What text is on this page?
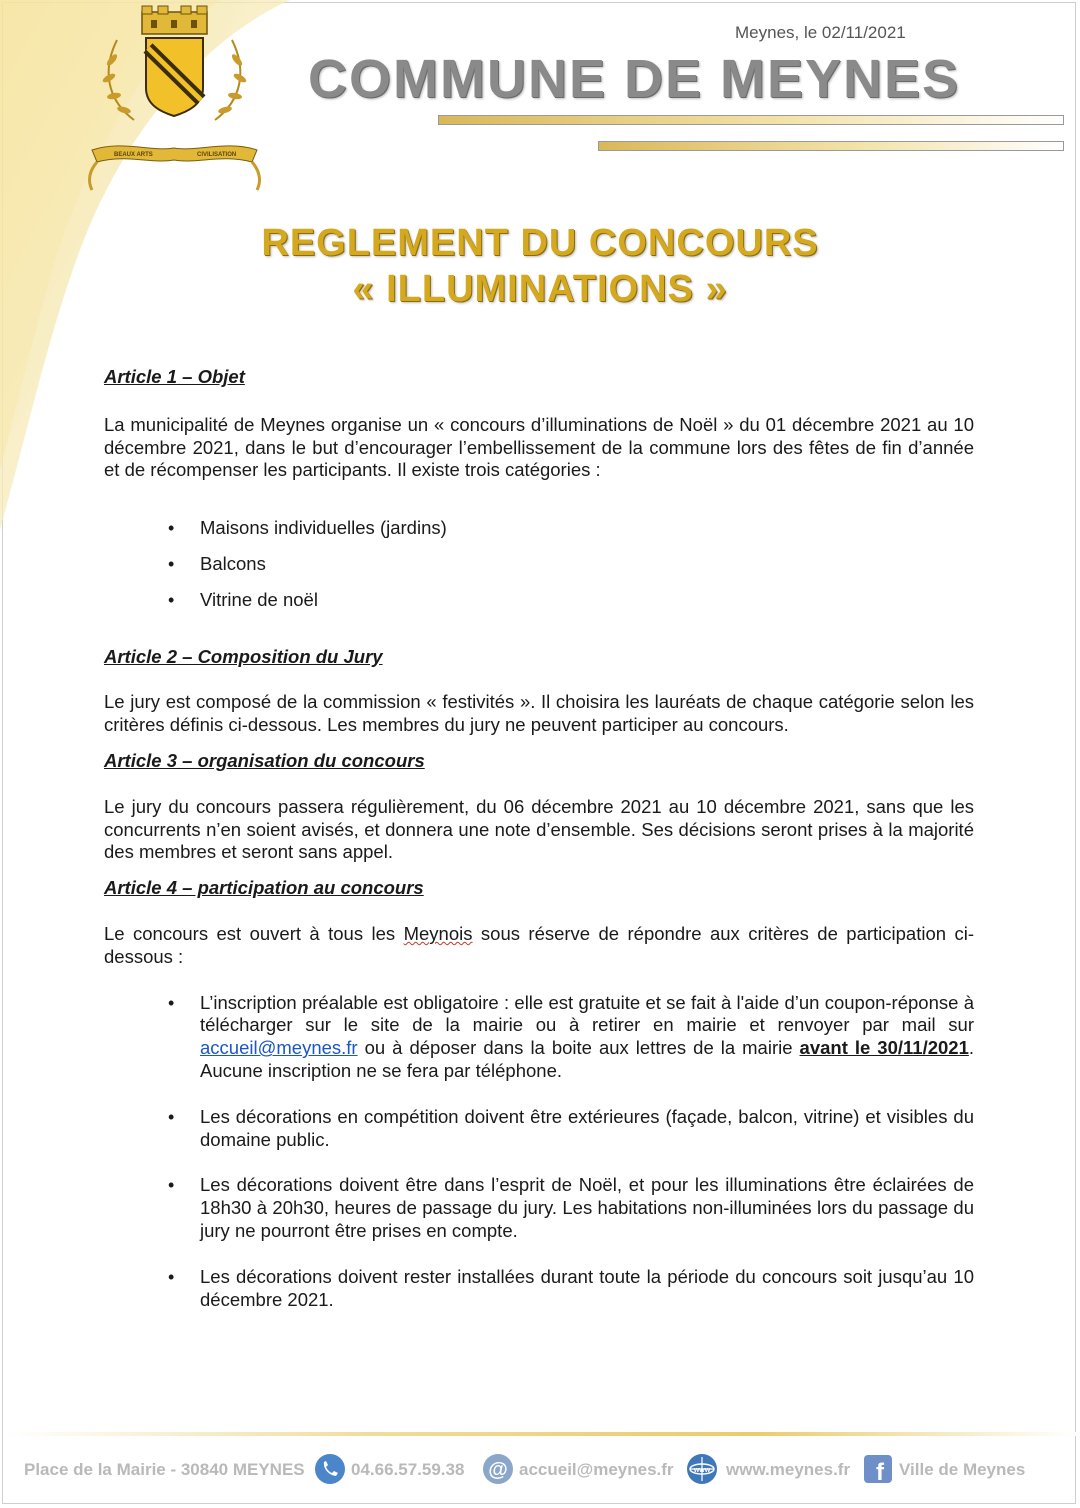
BEAUX ARTS	CIVILISATION
Meynes, le 02/11/2021
COMMUNE DE MEYNES
REGLEMENT DU CONCOURS
« ILLUMINATIONS »
Article 1 – Objet

La municipalité de Meynes organise un « concours d’illuminations de Noël » du 01 décembre 2021 au 10 décembre 2021, dans le but d’encourager l’embellissement de la commune lors des fêtes de fin d’année et de récompenser les participants. Il existe trois catégories :

• Maisons individuelles (jardins)
• Balcons
• Vitrine de noël
Article 2 – Composition du Jury

Le jury est composé de la commission « festivités ». Il choisira les lauréats de chaque catégorie selon les critères définis ci-dessous. Les membres du jury ne peuvent participer au concours.

Article 3 – organisation du concours

Le jury du concours passera régulièrement, du 06 décembre 2021 au 10 décembre 2021, sans que les concurrents n’en soient avisés, et donnera une note d’ensemble. Ses décisions seront prises à la majorité des membres et seront sans appel.

Article 4 – participation au concours

Le concours est ouvert à tous les Meynois sous réserve de répondre aux critères de participation ci-dessous :

• L’inscription préalable est obligatoire : elle est gratuite et se fait à l'aide d’un coupon-réponse à télécharger sur le site de la mairie ou à retirer en mairie et renvoyer par mail sur accueil@meynes.fr ou à déposer dans la boite aux lettres de la mairie avant le 30/11/2021. Aucune inscription ne se fera par téléphone.
• Les décorations en compétition doivent être extérieures (façade, balcon, vitrine) et visibles du domaine public.
• Les décorations doivent être dans l’esprit de Noël, et pour les illuminations être éclairées de 18h30 à 20h30, heures de passage du jury. Les habitations non-illuminées lors du passage du jury ne pourront être prises en compte.
• Les décorations doivent rester installées durant toute la période du concours soit jusqu’au 10 décembre 2021.
Place de la Mairie - 30840 MEYNES	04.66.57.59.38 @ accueil@meynes.fr	www www.meynes.fr f Ville de Meynes
